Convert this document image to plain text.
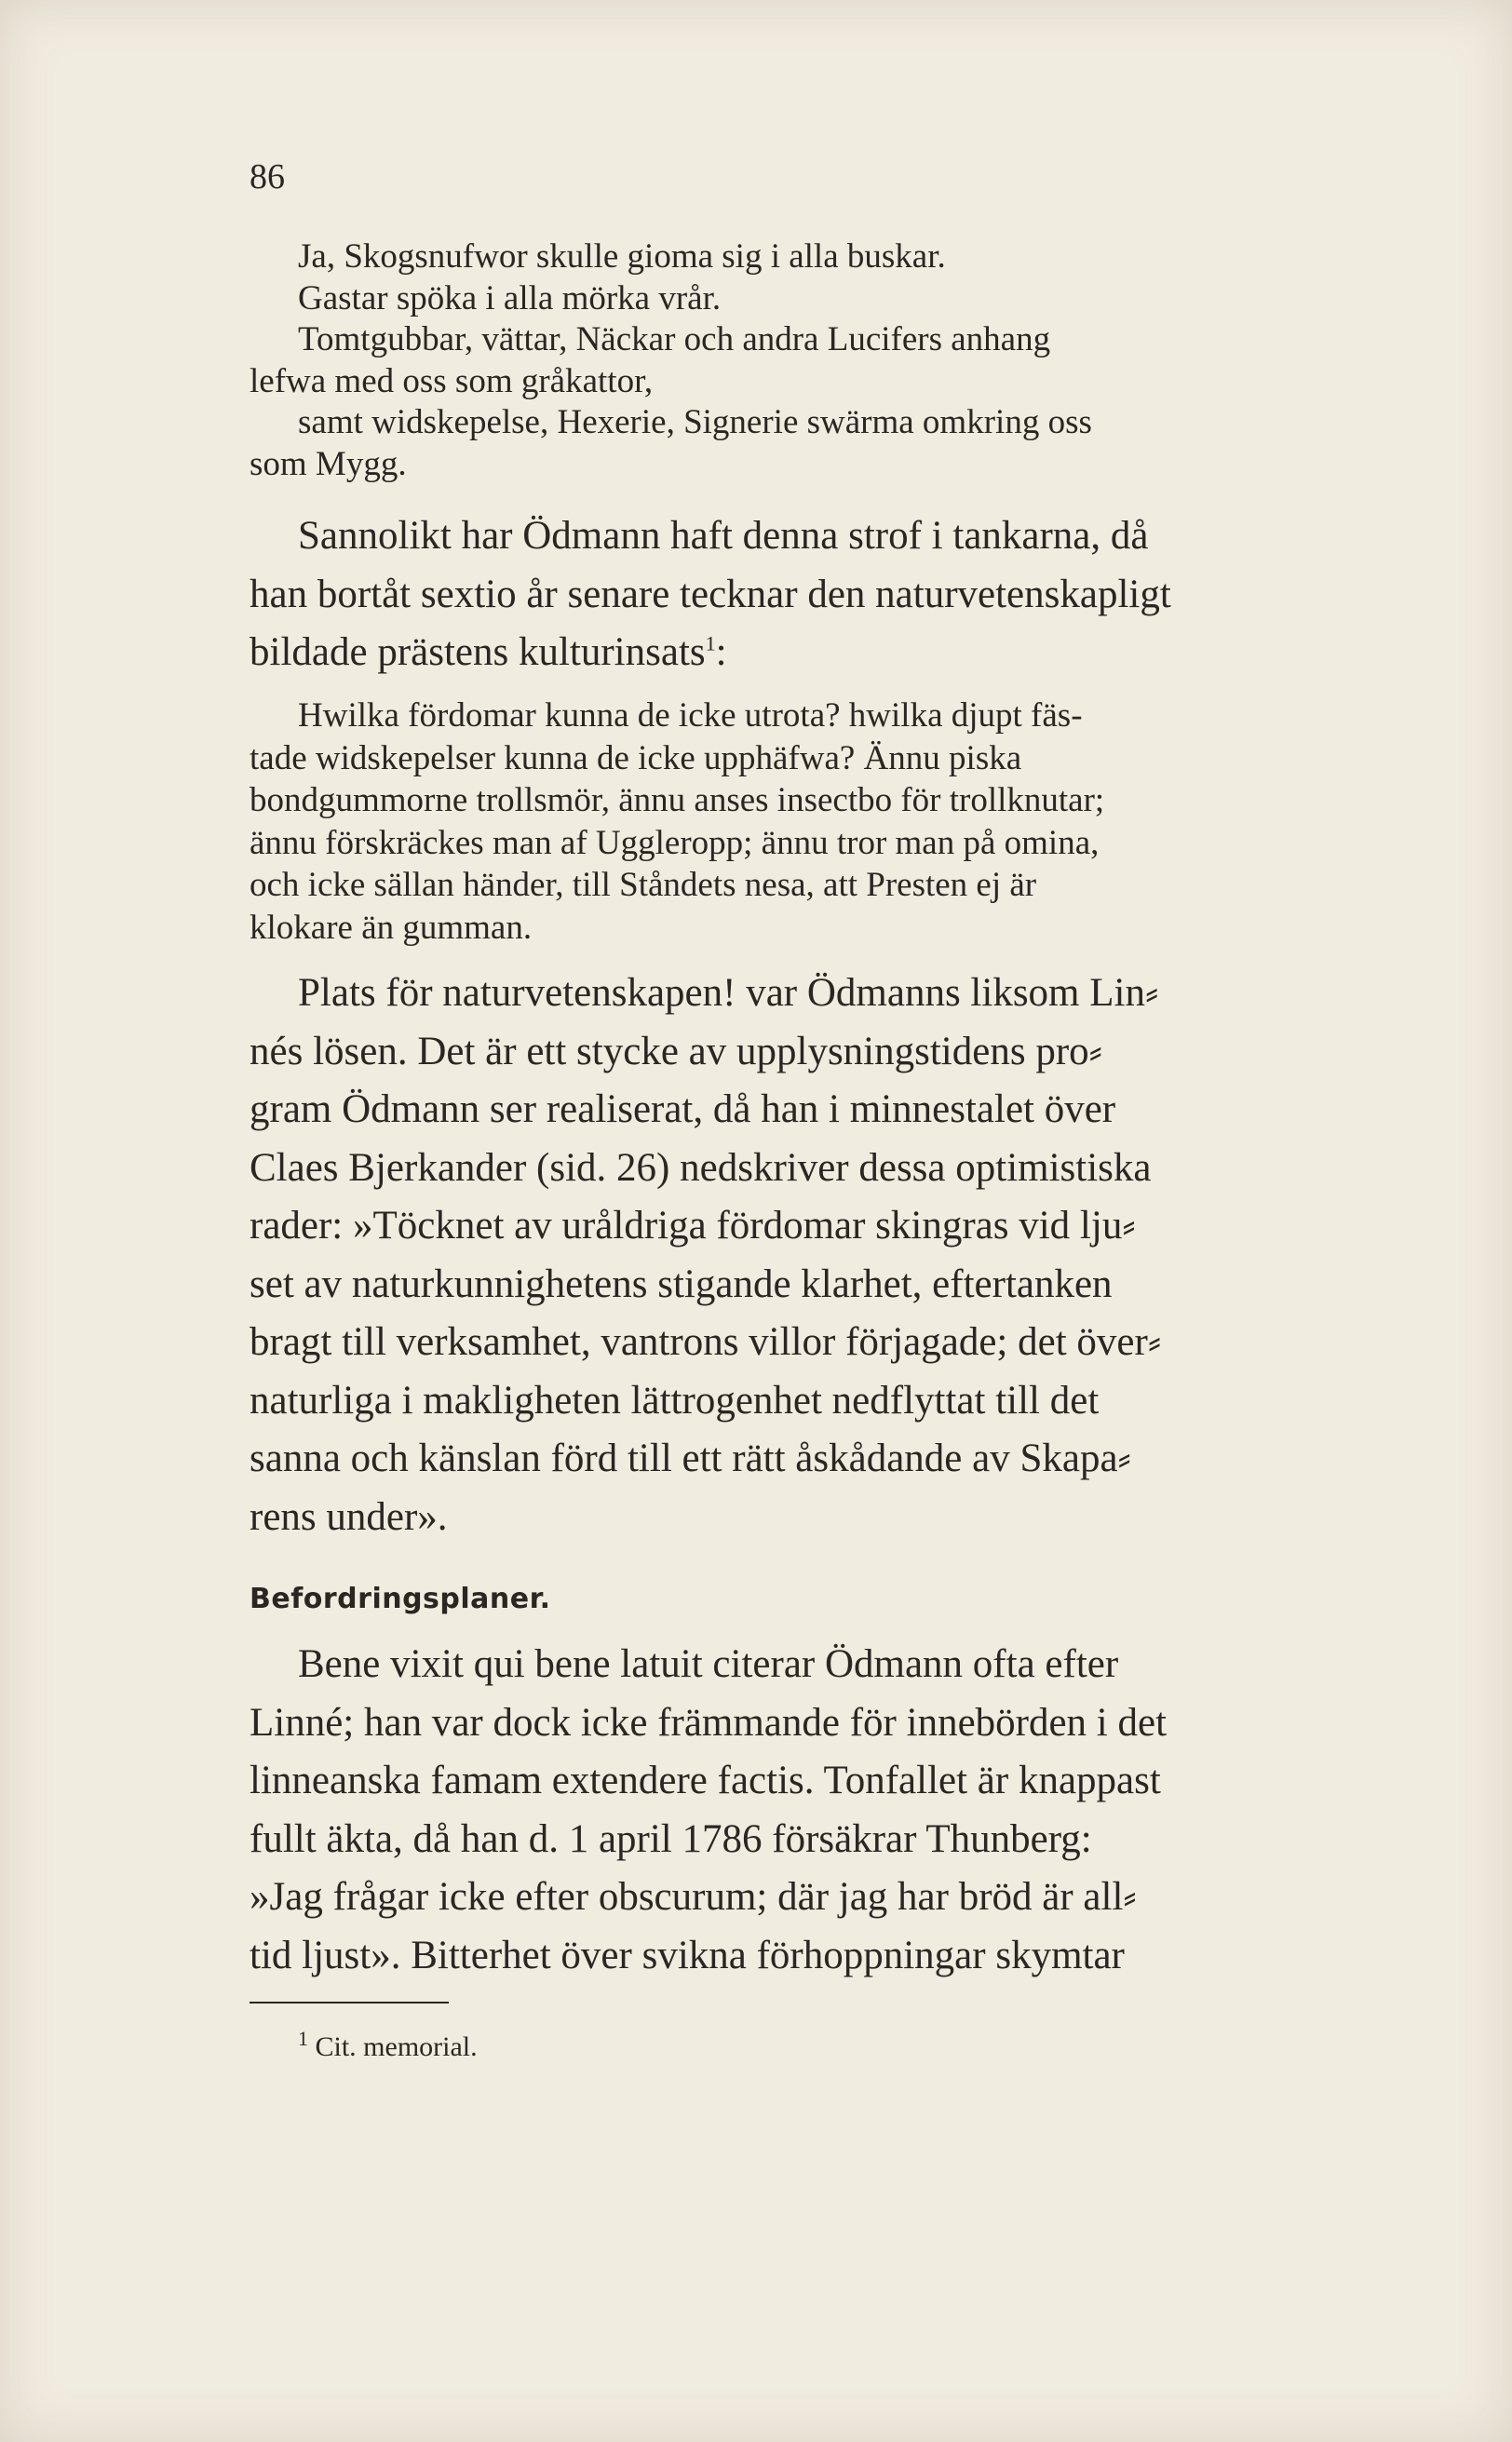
86
Ja, Skogsnufwor skulle gioma sig i alla buskar.
Gastar spöka i alla mörka vrår.
Tomtgubbar, vättar, Näckar och andra Lucifers anhang
lefwa med oss som gråkattor,
samt widskepelse, Hexerie, Signerie swärma omkring oss
som Mygg.
Sannolikt har Ödmann haft denna strof i tankarna, då
han bortåt sextio år senare tecknar den naturvetenskapligt
bildade prästens kulturinsats$^1$:
Hwilka fördomar kunna de icke utrota? hwilka djupt fäs-
tade widskepelser kunna de icke upphäfwa? Ännu piska
bondgummorne trollsmör, ännu anses insectbo för trollknutar;
ännu förskräckes man af Uggleropp; ännu tror man på omina,
och icke sällan händer, till Ståndets nesa, att Presten ej är
klokare än gumman.
Plats för naturvetenskapen! var Ödmanns liksom Lin⸗
nés lösen. Det är ett stycke av upplysningstidens pro⸗
gram Ödmann ser realiserat, då han i minnestalet över
Claes Bjerkander (sid. 26) nedskriver dessa optimistiska
rader: »Töcknet av uråldriga fördomar skingras vid lju⸗
set av naturkunnighetens stigande klarhet, eftertanken
bragt till verksamhet, vantrons villor förjagade; det över⸗
naturliga i makligheten lättrogenhet nedflyttat till det
sanna och känslan förd till ett rätt åskådande av Skapa⸗
rens under».
Befordringsplaner.
Bene vixit qui bene latuit citerar Ödmann ofta efter
Linné; han var dock icke främmande för innebörden i det
linneanska famam extendere factis. Tonfallet är knappast
fullt äkta, då han d. 1 april 1786 försäkrar Thunberg:
»Jag frågar icke efter obscurum; där jag har bröd är all⸗
tid ljust». Bitterhet över svikna förhoppningar skymtar
$^1$ Cit. memorial.
